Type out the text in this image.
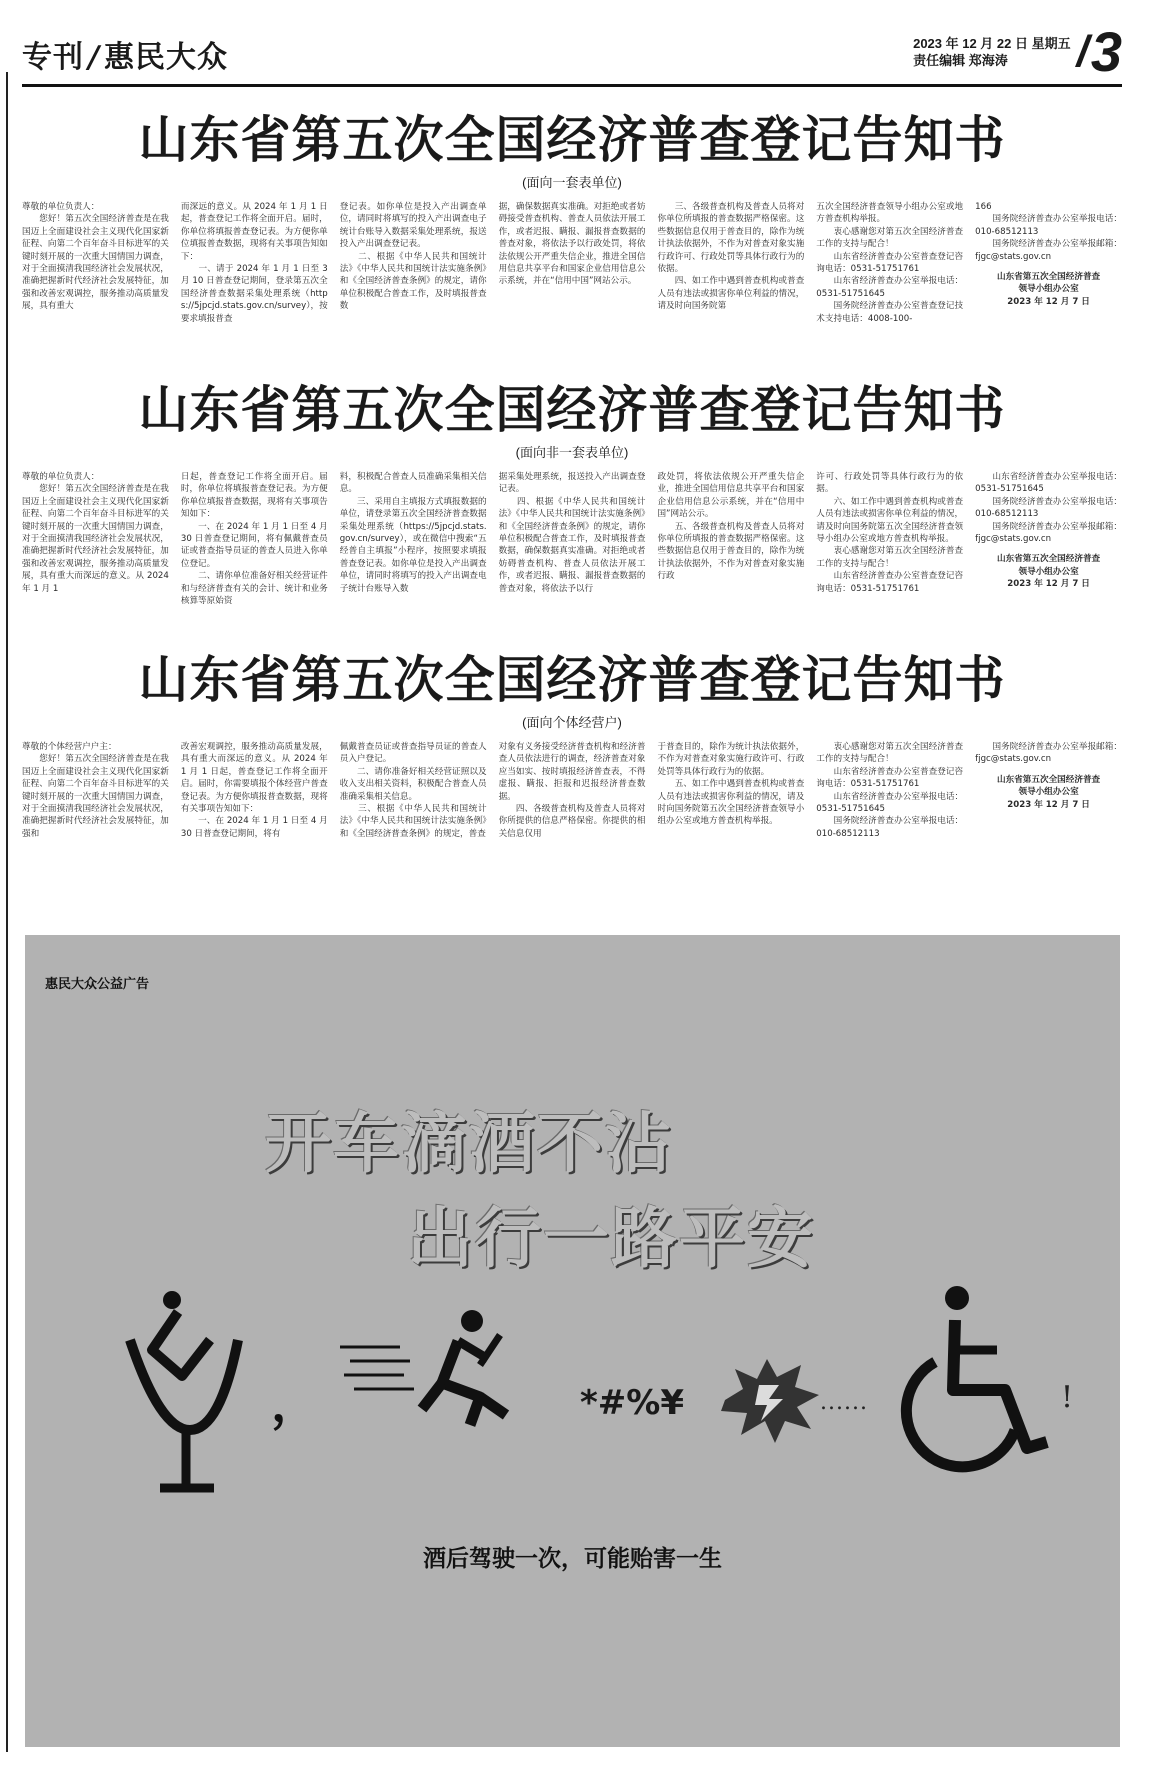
专刊 / 惠民大众	2023 年 12 月 22 日 星期五
责任编辑 郑海涛	/ 3
山东省第五次全国经济普查登记告知书
(面向一套表单位)

尊敬的单位负责人：
　　您好！第五次全国经济普查是在我国迈上全面建设社会主义现代化国家新征程、向第二个百年奋斗目标进军的关键时刻开展的一次重大国情国力调查，对于全面摸清我国经济社会发展状况，准确把握新时代经济社会发展特征，加强和改善宏观调控，服务推动高质量发展，具有重大

而深远的意义。从 2024 年 1 月 1 日起，普查登记工作将全面开启。届时，你单位将填报普查登记表。为方便你单位填报普查数据，现将有关事项告知如下：
　　一、请于 2024 年 1 月 1 日至 3 月 10 日普查登记期间，登录第五次全国经济普查数据采集处理系统（https://5jpcjd.stats.gov.cn/survey），按要求填报普查

登记表。如你单位是投入产出调查单位，请同时将填写的投入产出调查电子统计台账导入数据采集处理系统，报送投入产出调查登记表。
　　二、根据《中华人民共和国统计法》《中华人民共和国统计法实施条例》和《全国经济普查条例》的规定，请你单位积极配合普查工作，及时填报普查数

据，确保数据真实准确。对拒绝或者妨碍接受普查机构、普查人员依法开展工作，或者迟报、瞒报、漏报普查数据的普查对象，将依法予以行政处罚，将依法依规公开严重失信企业，推进全国信用信息共享平台和国家企业信用信息公示系统，并在“信用中国”网站公示。

　　三、各级普查机构及普查人员将对你单位所填报的普查数据严格保密。这些数据信息仅用于普查目的，除作为统计执法依据外，不作为对普查对象实施行政许可、行政处罚等具体行政行为的依据。
　　四、如工作中遇到普查机构或普查人员有违法或损害你单位利益的情况，请及时向国务院第

五次全国经济普查领导小组办公室或地方普查机构举报。
　　衷心感谢您对第五次全国经济普查工作的支持与配合！
　　山东省经济普查办公室普查登记咨询电话：0531-51751761
　　山东省经济普查办公室举报电话：0531-51751645
　　国务院经济普查办公室普查登记技术支持电话：4008-100-

166
　　国务院经济普查办公室举报电话：010-68512113
　　国务院经济普查办公室举报邮箱：fjgc@stats.gov.cn

山东省第五次全国经济普查
领导小组办公室
2023 年 12 月 7 日

山东省第五次全国经济普查登记告知书
(面向非一套表单位)

尊敬的单位负责人：
　　您好！第五次全国经济普查是在我国迈上全面建设社会主义现代化国家新征程、向第二个百年奋斗目标进军的关键时刻开展的一次重大国情国力调查，对于全面摸清我国经济社会发展状况，准确把握新时代经济社会发展特征，加强和改善宏观调控，服务推动高质量发展，具有重大而深远的意义。从 2024 年 1 月 1

日起，普查登记工作将全面开启。届时，你单位将填报普查登记表。为方便你单位填报普查数据，现将有关事项告知如下：
　　一、在 2024 年 1 月 1 日至 4 月 30 日普查登记期间，将有佩戴普查员证或普查指导员证的普查人员进入你单位登记。
　　二、请你单位准备好相关经营证件和与经济普查有关的会计、统计和业务核算等原始资

料，积极配合普查人员准确采集相关信息。
　　三、采用自主填报方式填报数据的单位，请登录第五次全国经济普查数据采集处理系统（https://5jpcjd.stats.gov.cn/survey），或在微信中搜索“五经普自主填报”小程序，按照要求填报普查登记表。如你单位是投入产出调查单位，请同时将填写的投入产出调查电子统计台账导入数

据采集处理系统，报送投入产出调查登记表。
　　四、根据《中华人民共和国统计法》《中华人民共和国统计法实施条例》和《全国经济普查条例》的规定，请你单位积极配合普查工作，及时填报普查数据，确保数据真实准确。对拒绝或者妨碍普查机构、普查人员依法开展工作，或者迟报、瞒报、漏报普查数据的普查对象，将依法予以行

政处罚，将依法依规公开严重失信企业，推进全国信用信息共享平台和国家企业信用信息公示系统，并在“信用中国”网站公示。
　　五、各级普查机构及普查人员将对你单位所填报的普查数据严格保密。这些数据信息仅用于普查目的，除作为统计执法依据外，不作为对普查对象实施行政

许可、行政处罚等具体行政行为的依据。
　　六、如工作中遇到普查机构或普查人员有违法或损害你单位利益的情况，请及时向国务院第五次全国经济普查领导小组办公室或地方普查机构举报。
　　衷心感谢您对第五次全国经济普查工作的支持与配合！
　　山东省经济普查办公室普查登记咨询电话：0531-51751761

　　山东省经济普查办公室举报电话：0531-51751645
　　国务院经济普查办公室举报电话：010-68512113
　　国务院经济普查办公室举报邮箱：fjgc@stats.gov.cn

山东省第五次全国经济普查
领导小组办公室
2023 年 12 月 7 日

山东省第五次全国经济普查登记告知书
(面向个体经营户)

尊敬的个体经营户户主：
　　您好！第五次全国经济普查是在我国迈上全面建设社会主义现代化国家新征程、向第二个百年奋斗目标进军的关键时刻开展的一次重大国情国力调查，对于全面摸清我国经济社会发展状况，准确把握新时代经济社会发展特征，加强和

改善宏观调控，服务推动高质量发展，具有重大而深远的意义。从 2024 年 1 月 1 日起，普查登记工作将全面开启。届时，你需要填报个体经营户普查登记表。为方便你填报普查数据，现将有关事项告知如下：
　　一、在 2024 年 1 月 1 日至 4 月 30 日普查登记期间，将有

佩戴普查员证或普查指导员证的普查人员入户登记。
　　二、请你准备好相关经营证照以及收入支出相关资料，积极配合普查人员准确采集相关信息。
　　三、根据《中华人民共和国统计法》《中华人民共和国统计法实施条例》和《全国经济普查条例》的规定，普查

对象有义务接受经济普查机构和经济普查人员依法进行的调查，经济普查对象应当如实、按时填报经济普查表，不得虚报、瞒报、拒报和迟报经济普查数据。
　　四、各级普查机构及普查人员将对你所提供的信息严格保密。你提供的相关信息仅用

于普查目的，除作为统计执法依据外，不作为对普查对象实施行政许可、行政处罚等具体行政行为的依据。
　　五、如工作中遇到普查机构或普查人员有违法或损害你利益的情况，请及时向国务院第五次全国经济普查领导小组办公室或地方普查机构举报。

　　衷心感谢您对第五次全国经济普查工作的支持与配合！
　　山东省经济普查办公室普查登记咨询电话：0531-51751761
　　山东省经济普查办公室举报电话：0531-51751645
　　国务院经济普查办公室举报电话：010-68512113

　　国务院经济普查办公室举报邮箱：fjgc@stats.gov.cn

山东省第五次全国经济普查
领导小组办公室
2023 年 12 月 7 日

惠民大众公益广告
开车滴酒不沾
出行一路平安
，	*#%¥	......	!
酒后驾驶一次，可能贻害一生
